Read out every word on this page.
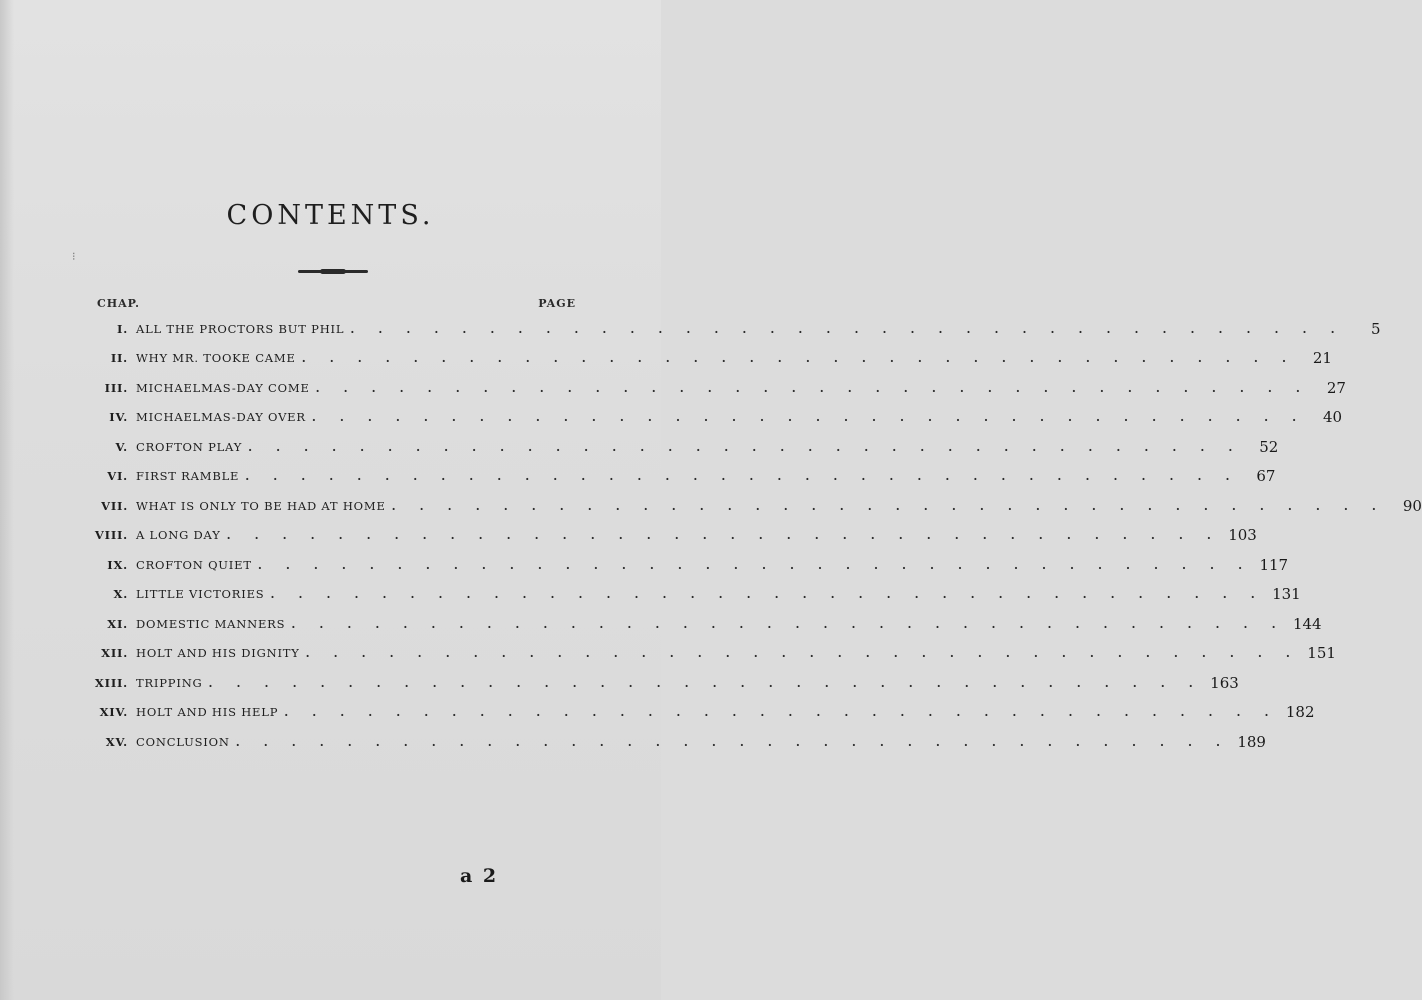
⁝
CONTENTS.
CHAP.	PAGE
I. ALL THE PROCTORS BUT PHIL . . . . . . . . . . . . . . . . . . . . . . . . . . . . . . . . . . . .	5
II. WHY MR. TOOKE CAME . . . . . . . . . . . . . . . . . . . . . . . . . . . . . . . . . . . .	21
III. MICHAELMAS-DAY COME . . . . . . . . . . . . . . . . . . . . . . . . . . . . . . . . . . . .	27
IV. MICHAELMAS-DAY OVER . . . . . . . . . . . . . . . . . . . . . . . . . . . . . . . . . . . .	40
V. CROFTON PLAY . . . . . . . . . . . . . . . . . . . . . . . . . . . . . . . . . . . .	52
VI. FIRST RAMBLE . . . . . . . . . . . . . . . . . . . . . . . . . . . . . . . . . . . .	67
VII. WHAT IS ONLY TO BE HAD AT HOME . . . . . . . . . . . . . . . . . . . . . . . . . . . . . . . . . . . .	90
VIII. A LONG DAY . . . . . . . . . . . . . . . . . . . . . . . . . . . . . . . . . . . . 103
IX. CROFTON QUIET . . . . . . . . . . . . . . . . . . . . . . . . . . . . . . . . . . . . 117
X. LITTLE VICTORIES . . . . . . . . . . . . . . . . . . . . . . . . . . . . . . . . . . . . 131
XI. DOMESTIC MANNERS . . . . . . . . . . . . . . . . . . . . . . . . . . . . . . . . . . . . 144
XII. HOLT AND HIS DIGNITY . . . . . . . . . . . . . . . . . . . . . . . . . . . . . . . . . . . . 151
XIII. TRIPPING . . . . . . . . . . . . . . . . . . . . . . . . . . . . . . . . . . . . 163
XIV. HOLT AND HIS HELP . . . . . . . . . . . . . . . . . . . . . . . . . . . . . . . . . . . . 182
XV. CONCLUSION . . . . . . . . . . . . . . . . . . . . . . . . . . . . . . . . . . . . 189
a 2
